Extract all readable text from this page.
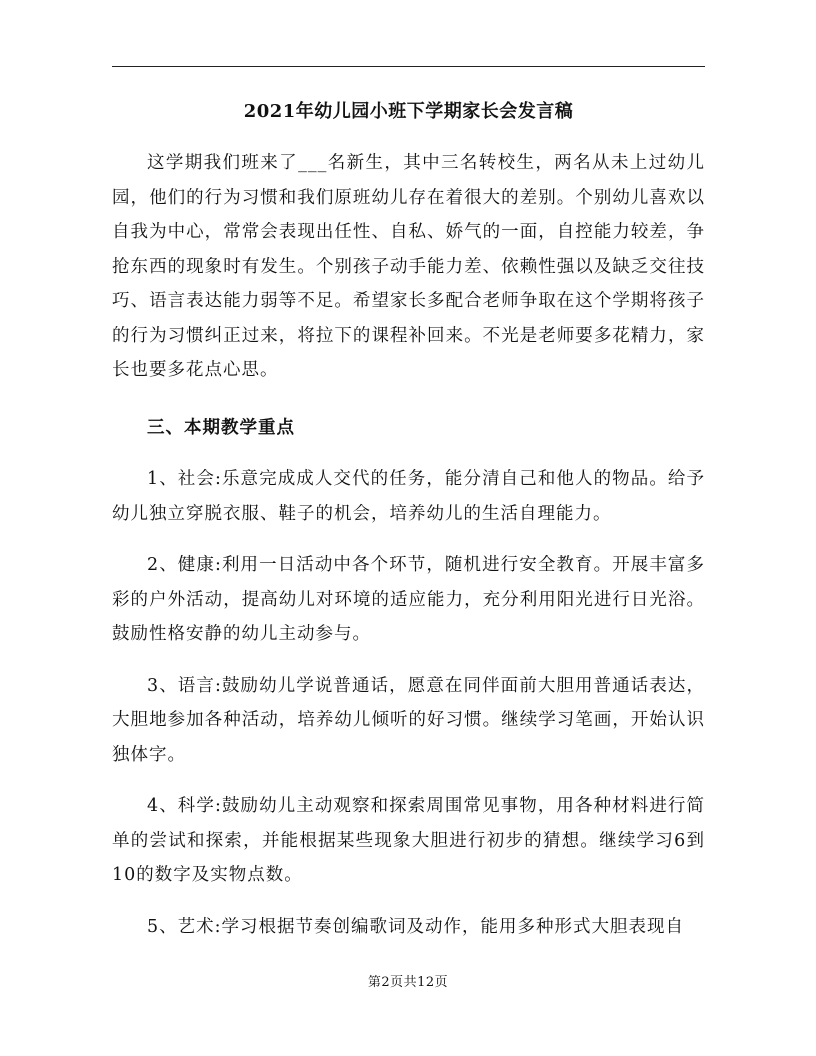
2021年幼儿园小班下学期家长会发言稿

这学期我们班来了___名新生，其中三名转校生，两名从未上过幼儿园，他们的行为习惯和我们原班幼儿存在着很大的差别。个别幼儿喜欢以自我为中心，常常会表现出任性、自私、娇气的一面，自控能力较差，争抢东西的现象时有发生。个别孩子动手能力差、依赖性强以及缺乏交往技巧、语言表达能力弱等不足。希望家长多配合老师争取在这个学期将孩子的行为习惯纠正过来，将拉下的课程补回来。不光是老师要多花精力，家长也要多花点心思。

三、本期教学重点

1、社会:乐意完成成人交代的任务，能分清自己和他人的物品。给予幼儿独立穿脱衣服、鞋子的机会，培养幼儿的生活自理能力。

2、健康:利用一日活动中各个环节，随机进行安全教育。开展丰富多彩的户外活动，提高幼儿对环境的适应能力，充分利用阳光进行日光浴。鼓励性格安静的幼儿主动参与。

3、语言:鼓励幼儿学说普通话，愿意在同伴面前大胆用普通话表达，大胆地参加各种活动，培养幼儿倾听的好习惯。继续学习笔画，开始认识独体字。

4、科学:鼓励幼儿主动观察和探索周围常见事物，用各种材料进行简单的尝试和探索，并能根据某些现象大胆进行初步的猜想。继续学习6到10的数字及实物点数。

5、艺术:学习根据节奏创编歌词及动作，能用多种形式大胆表现自

第2页共12页
